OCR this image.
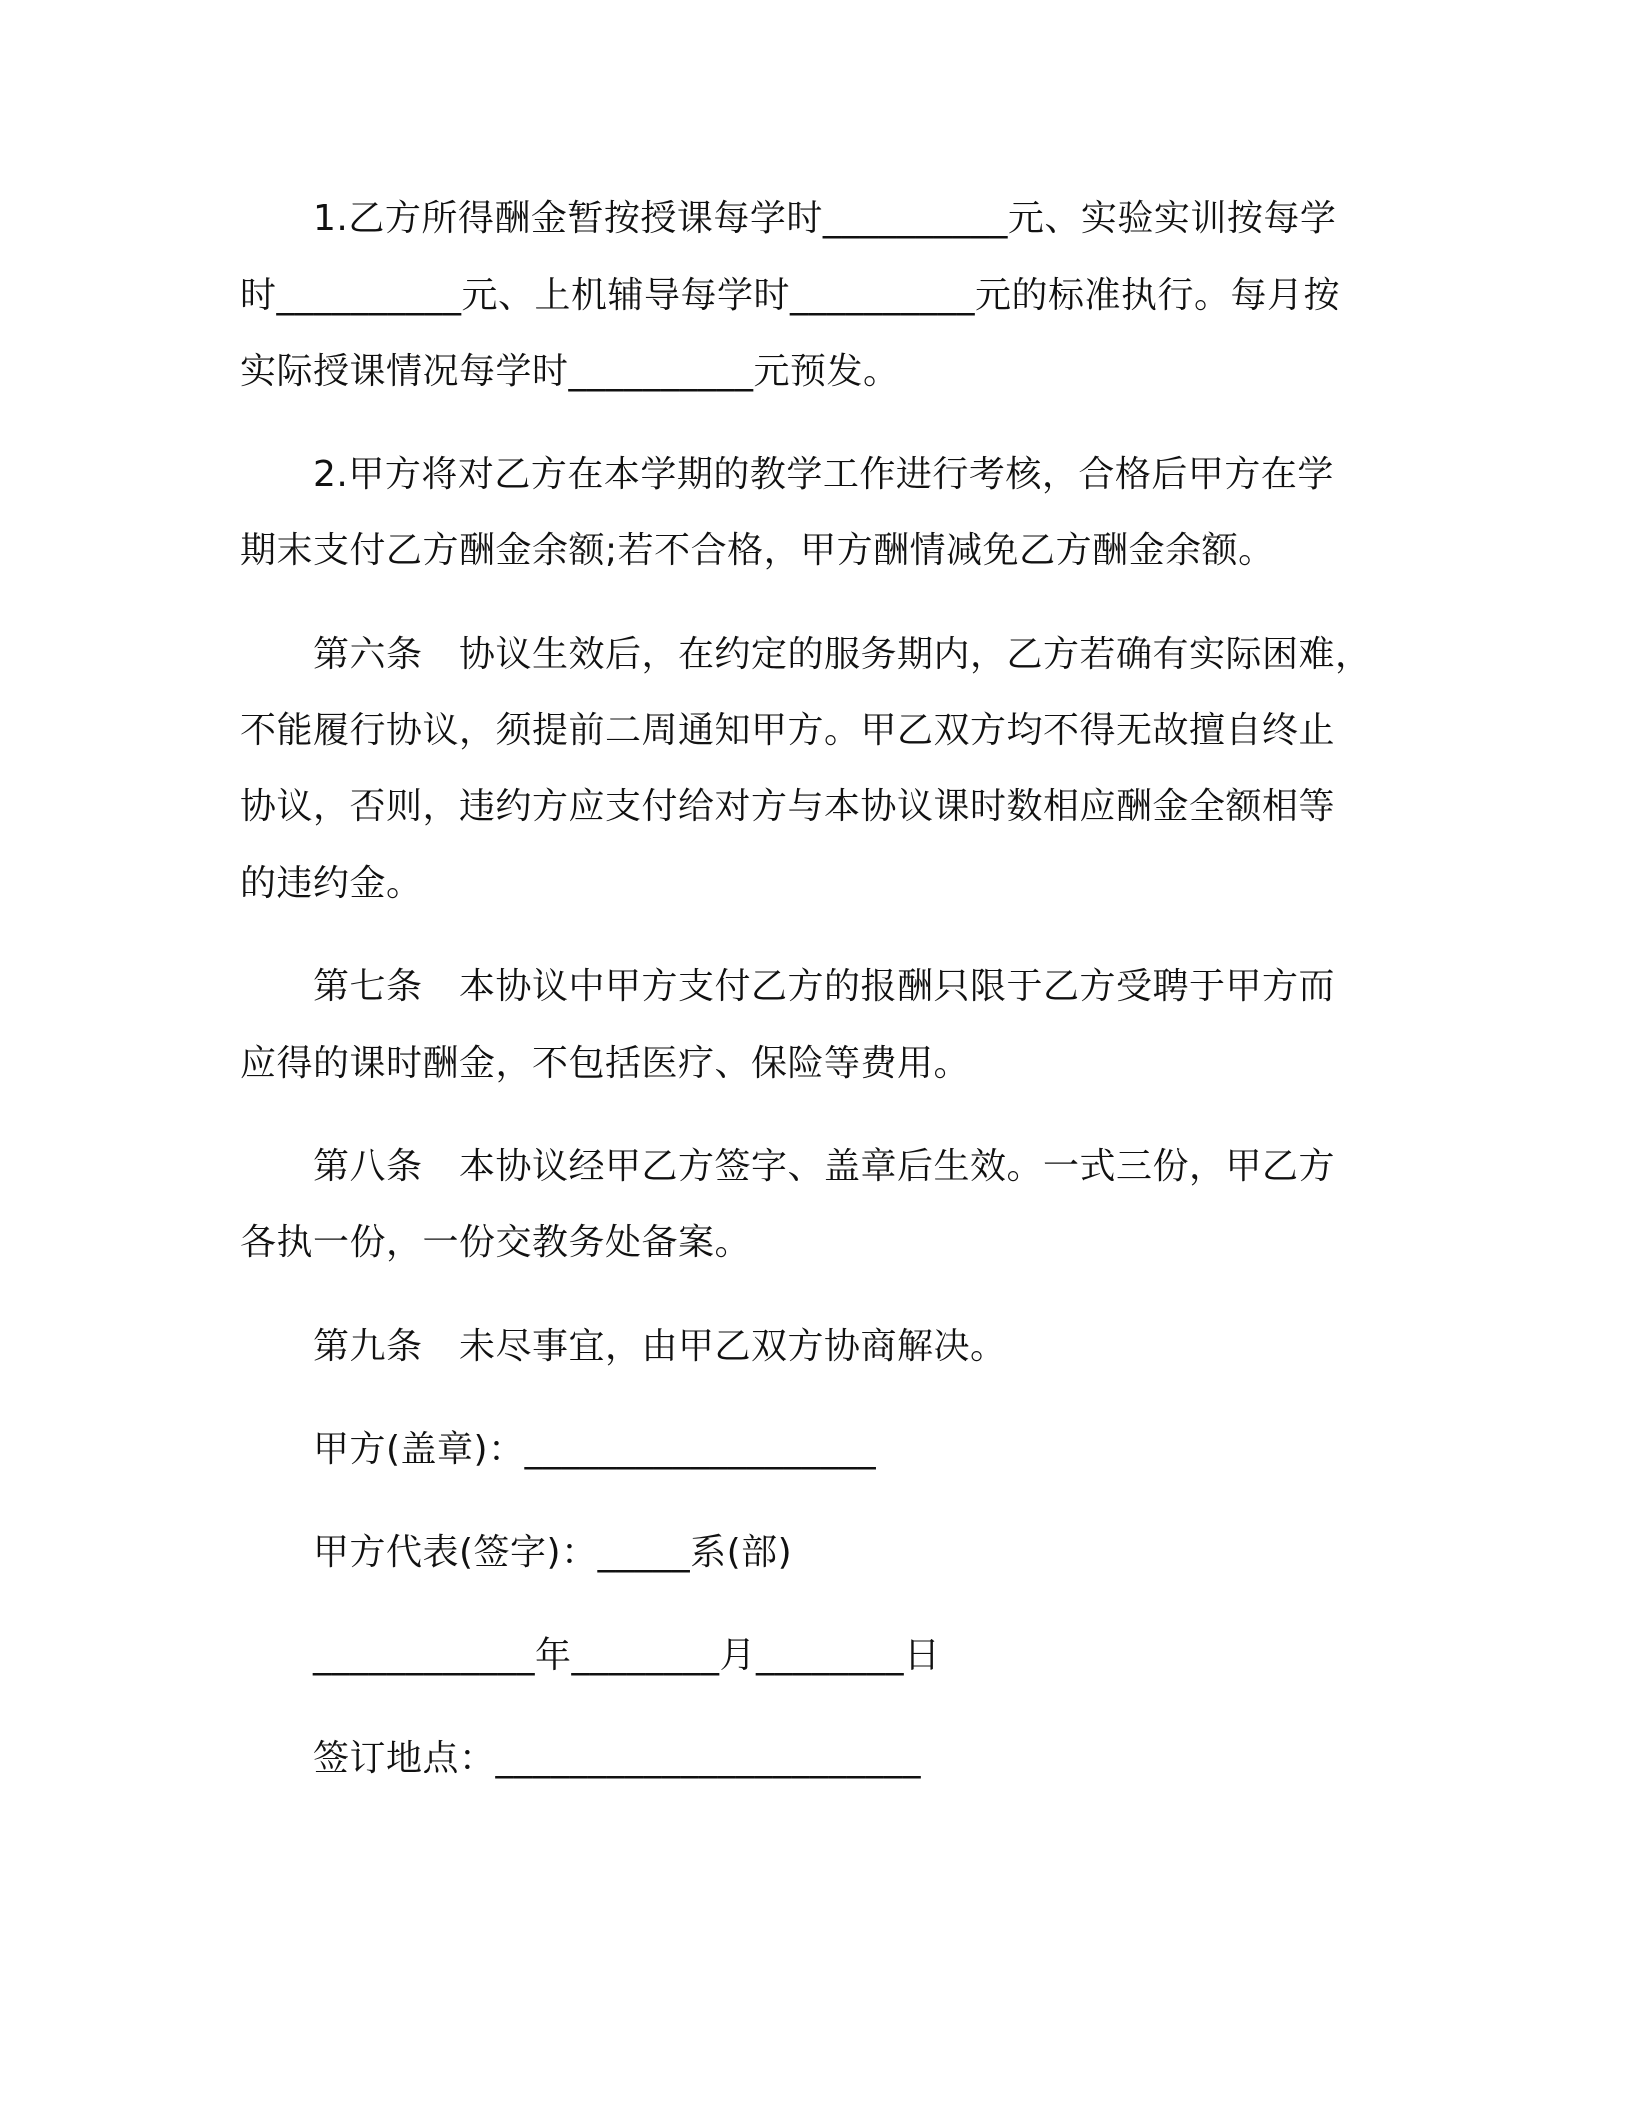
1.乙方所得酬金暂按授课每学时__________元、实验实训按每学
时__________元、上机辅导每学时__________元的标准执行。每月按
实际授课情况每学时__________元预发。
2.甲方将对乙方在本学期的教学工作进行考核，合格后甲方在学
期末支付乙方酬金余额;若不合格，甲方酬情减免乙方酬金余额。
第六条　协议生效后，在约定的服务期内，乙方若确有实际困难，
不能履行协议，须提前二周通知甲方。甲乙双方均不得无故擅自终止
协议，否则，违约方应支付给对方与本协议课时数相应酬金全额相等
的违约金。
第七条　本协议中甲方支付乙方的报酬只限于乙方受聘于甲方而
应得的课时酬金，不包括医疗、保险等费用。
第八条　本协议经甲乙方签字、盖章后生效。一式三份，甲乙方
各执一份，一份交教务处备案。
第九条　未尽事宜，由甲乙双方协商解决。
甲方(盖章)：___________________
甲方代表(签字)：_____系(部)
____________年________月________日
签订地点：_______________________
